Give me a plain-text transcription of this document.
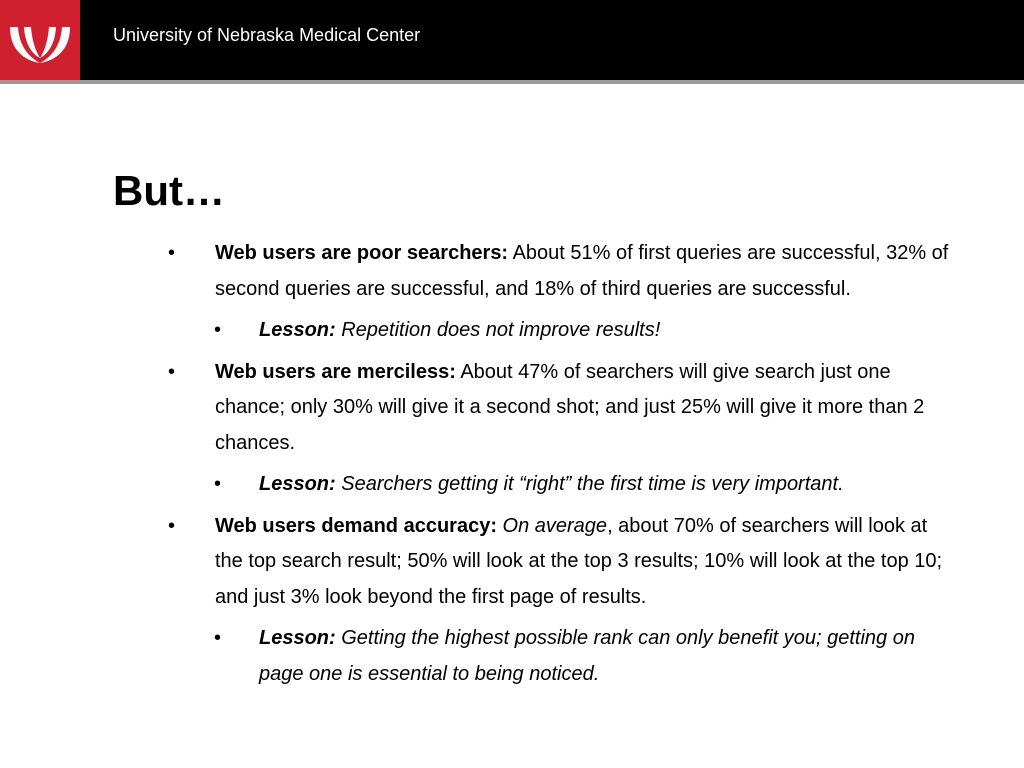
University of Nebraska Medical Center
But…
• Web users are poor searchers: About 51% of first queries are successful, 32% of second queries are successful, and 18% of third queries are successful.
• Lesson: Repetition does not improve results!
• Web users are merciless: About 47% of searchers will give search just one chance; only 30% will give it a second shot; and just 25% will give it more than 2 chances.
• Lesson: Searchers getting it “right” the first time is very important.
• Web users demand accuracy: On average, about 70% of searchers will look at the top search result; 50% will look at the top 3 results; 10% will look at the top 10; and just 3% look beyond the first page of results.
• Lesson: Getting the highest possible rank can only benefit you; getting on page one is essential to being noticed.
